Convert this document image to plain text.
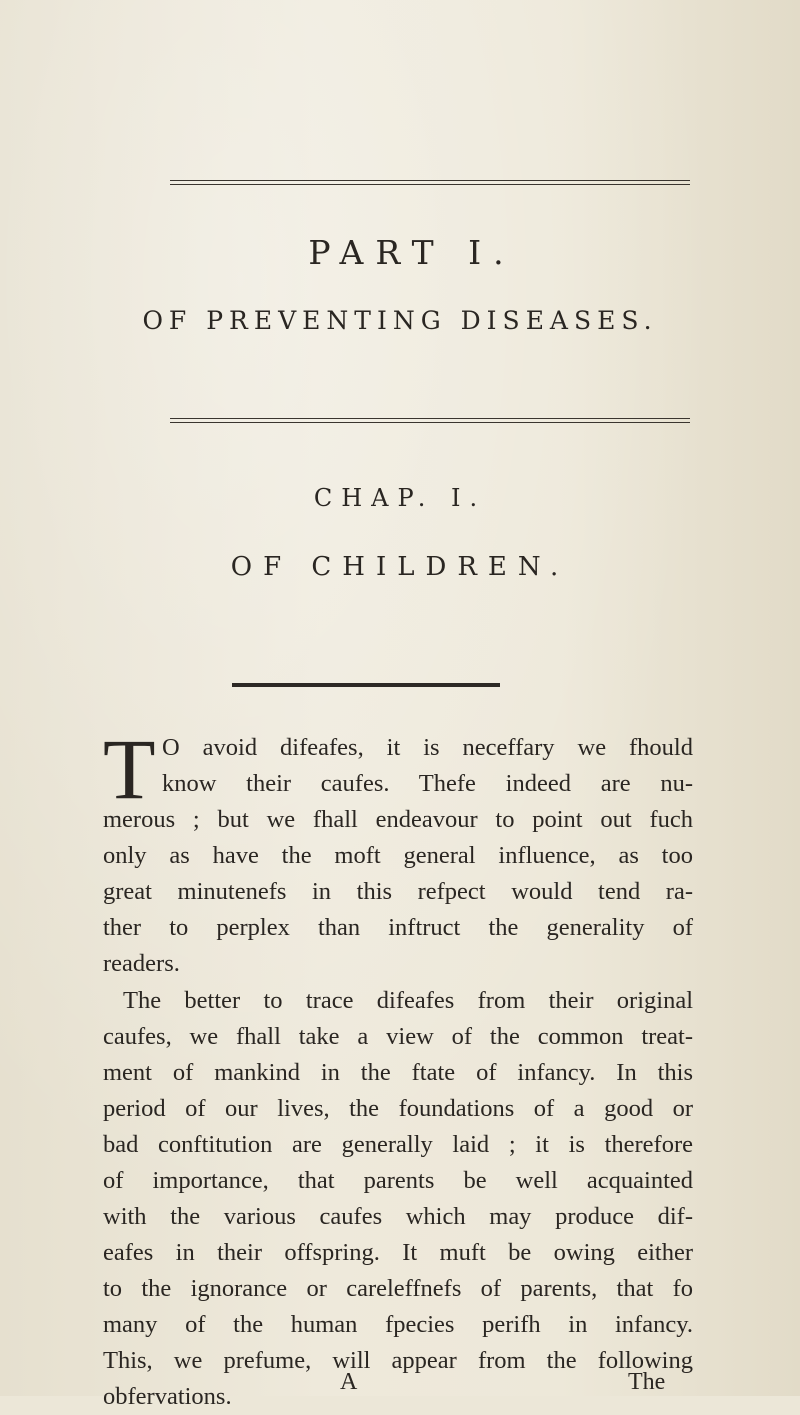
PART I.
OF PREVENTING DISEASES.
CHAP. I.
OF CHILDREN.
T O avoid difeafes, it is neceffary we fhould
know their caufes. Thefe indeed are nu-
merous ; but we fhall endeavour to point out fuch
only as have the moft general influence, as too
great minutenefs in this refpect would tend ra-
ther to perplex than inftruct the generality of
readers.
The better to trace difeafes from their original
caufes, we fhall take a view of the common treat-
ment of mankind in the ftate of infancy. In this
period of our lives, the foundations of a good or
bad conftitution are generally laid ; it is therefore
of importance, that parents be well acquainted
with the various caufes which may produce dif-
eafes in their offspring. It muft be owing either
to the ignorance or careleffnefs of parents, that fo
many of the human fpecies perifh in infancy.
This, we prefume, will appear from the following
obfervations.
A	The
